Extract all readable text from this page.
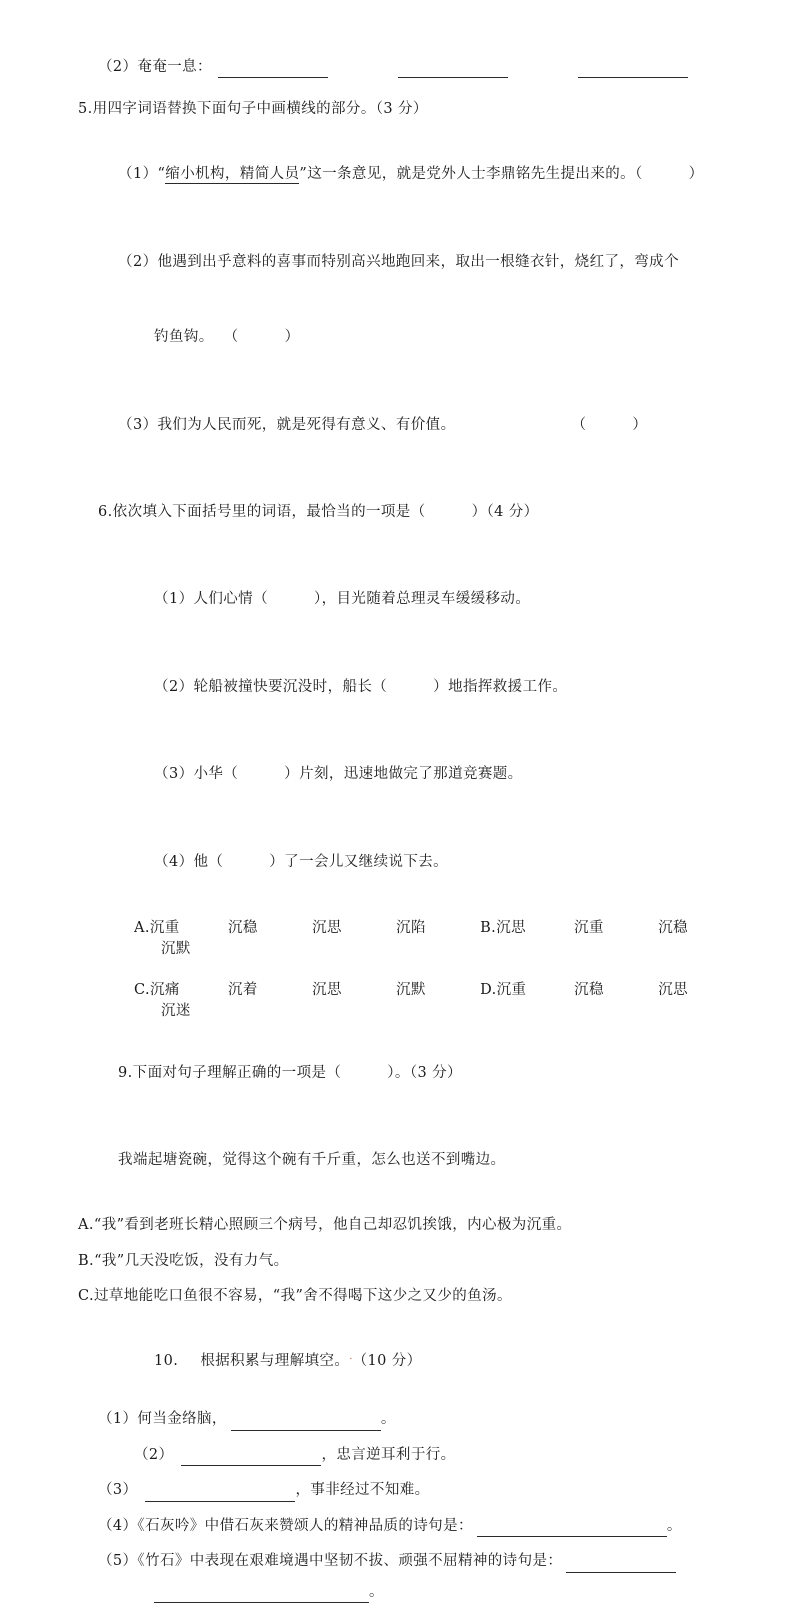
（2）奄奄一息：
5.用四字词语替换下面句子中画横线的部分。（3 分）

（1）“缩小机构，精简人员”这一条意见，就是党外人士李鼎铭先生提出来的。（	）

（2）他遇到出乎意料的喜事而特别高兴地跑回来，取出一根缝衣针，烧红了，弯成个

钓鱼钩。  （	）

（3）我们为人民而死，就是死得有意义、有价值。	（	）

6.依次填入下面括号里的词语，最恰当的一项是（	）（4 分）

（1）人们心情（	），目光随着总理灵车缓缓移动。

（2）轮船被撞快要沉没时，船长（	）地指挥救援工作。

（3）小华（	）片刻，迅速地做完了那道竞赛题。

（4）他（	）了一会儿又继续说下去。

A.沉重	沉稳	沉思	沉陷	B.沉思	沉重	沉稳  沉默
C.沉痛	沉着	沉思	沉默	D.沉重	沉稳	沉思  沉迷

9.下面对句子理解正确的一项是（	）。（3 分）

我端起塘瓷碗，觉得这个碗有千斤重，怎么也送不到嘴边。

A.“我”看到老班长精心照顾三个病号，他自己却忍饥挨饿，内心极为沉重。
B.“我”几天没吃饭，没有力气。
C.过草地能吃口鱼很不容易，“我”舍不得喝下这少之又少的鱼汤。

10. 根据积累与理解填空。.（10 分）

（1）何当金络脑，	。
（2）	，忠言逆耳利于行。
（3）	，事非经过不知难。
（4）《石灰吟》中借石灰来赞颂人的精神品质的诗句是：	。
（5）《竹石》中表现在艰难境遇中坚韧不拔、顽强不屈精神的诗句是：
。
